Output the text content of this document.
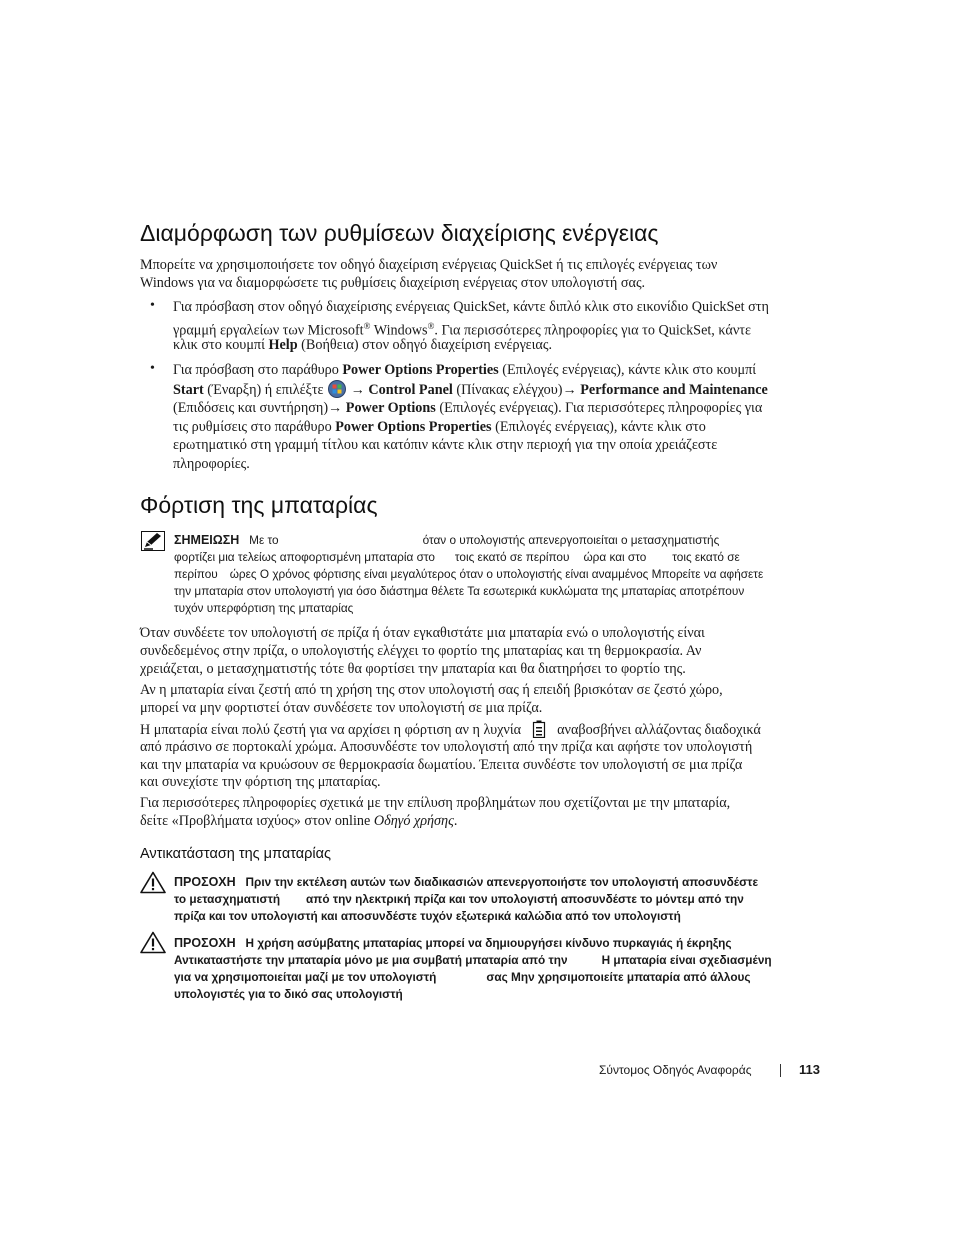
Διαμόρφωση των ρυθμίσεων διαχείρισης ενέργειας
Μπορείτε να χρησιμοποιήσετε τον οδηγό διαχείριση ενέργειας QuickSet ή τις επιλογές ενέργειας των
Windows για να διαμορφώσετε τις ρυθμίσεις διαχείριση ενέργειας στον υπολογιστή σας.
• Για πρόσβαση στον οδηγό διαχείρισης ενέργειας QuickSet, κάντε διπλό κλικ στο εικονίδιο QuickSet στη
γραμμή εργαλείων των Microsoft® Windows®. Για περισσότερες πληροφορίες για το QuickSet, κάντε
κλικ στο κουμπί Help (Βοήθεια) στον οδηγό διαχείριση ενέργειας.
• Για πρόσβαση στο παράθυρο Power Options Properties (Επιλογές ενέργειας), κάντε κλικ στο κουμπί
Start (Έναρξη) ή επιλέξτε  → Control Panel (Πίνακας ελέγχου)→ Performance and Maintenance
(Επιδόσεις και συντήρηση)→ Power Options (Επιλογές ενέργειας). Για περισσότερες πληροφορίες για
τις ρυθμίσεις στο παράθυρο Power Options Properties (Επιλογές ενέργειας), κάντε κλικ στο
ερωτηματικό στη γραμμή τίτλου και κατόπιν κάντε κλικ στην περιοχή για την οποία χρειάζεστε
πληροφορίες.
Φόρτιση της μπαταρίας
ΣΗΜΕΙΩΣΗ Με το	όταν ο υπολογιστής απενεργοποιείται ο μετασχηματιστής
φορτίζει μια τελείως αποφορτισμένη μπαταρία στο τοις εκατό σε περίπου ώρα και στο τοις εκατό σε
περίπου ώρες Ο χρόνος φόρτισης είναι μεγαλύτερος όταν ο υπολογιστής είναι αναμμένος Μπορείτε να αφήσετε
την μπαταρία στον υπολογιστή για όσο διάστημα θέλετε Τα εσωτερικά κυκλώματα της μπαταρίας αποτρέπουν
τυχόν υπερφόρτιση της μπαταρίας
Όταν συνδέετε τον υπολογιστή σε πρίζα ή όταν εγκαθιστάτε μια μπαταρία ενώ ο υπολογιστής είναι
συνδεδεμένος στην πρίζα, ο υπολογιστής ελέγχει το φορτίο της μπαταρίας και τη θερμοκρασία. Αν
χρειάζεται, ο μετασχηματιστής τότε θα φορτίσει την μπαταρία και θα διατηρήσει το φορτίο της.
Αν η μπαταρία είναι ζεστή από τη χρήση της στον υπολογιστή σας ή επειδή βρισκόταν σε ζεστό χώρο,
μπορεί να μην φορτιστεί όταν συνδέσετε τον υπολογιστή σε μια πρίζα.
Η μπαταρία είναι πολύ ζεστή για να αρχίσει η φόρτιση αν η λυχνία	αναβοσβήνει αλλάζοντας διαδοχικά
από πράσινο σε πορτοκαλί χρώμα. Αποσυνδέστε τον υπολογιστή από την πρίζα και αφήστε τον υπολογιστή
και την μπαταρία να κρυώσουν σε θερμοκρασία δωματίου. Έπειτα συνδέστε τον υπολογιστή σε μια πρίζα
και συνεχίστε την φόρτιση της μπαταρίας.
Για περισσότερες πληροφορίες σχετικά με την επίλυση προβλημάτων που σχετίζονται με την μπαταρία,
δείτε «Προβλήματα ισχύος» στον online Οδηγό χρήσης.
Αντικατάσταση της μπαταρίας
ΠΡΟΣΟΧΗ Πριν την εκτέλεση αυτών των διαδικασιών απενεργοποιήστε τον υπολογιστή αποσυνδέστε
το μετασχηματιστή από την ηλεκτρική πρίζα και τον υπολογιστή αποσυνδέστε το μόντεμ από την
πρίζα και τον υπολογιστή και αποσυνδέστε τυχόν εξωτερικά καλώδια από τον υπολογιστή
ΠΡΟΣΟΧΗ Η χρήση ασύμβατης μπαταρίας μπορεί να δημιουργήσει κίνδυνο πυρκαγιάς ή έκρηξης
Αντικαταστήστε την μπαταρία μόνο με μια συμβατή μπαταρία από την	Η μπαταρία είναι σχεδιασμένη
για να χρησιμοποιείται μαζί με τον υπολογιστή	σας Μην χρησιμοποιείτε μπαταρία από άλλους
υπολογιστές για το δικό σας υπολογιστή
Σύντομος Οδηγός Αναφοράς	113
